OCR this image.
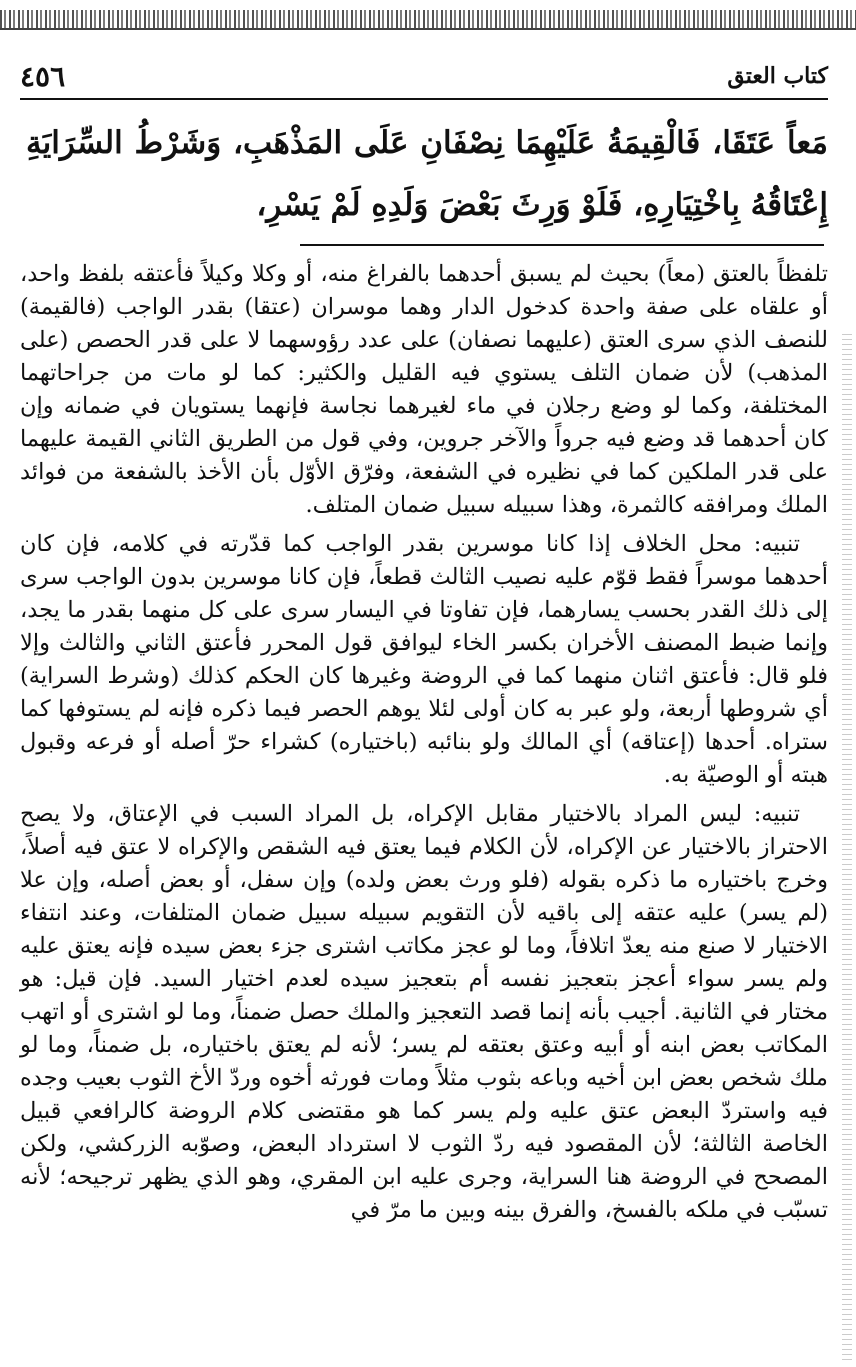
كتاب العتق
٤٥٦
مَعاً عَتَقَا، فَالْقِيمَةُ عَلَيْهِمَا نِصْفَانِ عَلَى المَذْهَبِ، وَشَرْطُ السِّرَايَةِ إِعْتَاقُهُ بِاخْتِيَارِهِ، فَلَوْ وَرِثَ بَعْضَ وَلَدِهِ لَمْ يَسْرِ،

تلفظاً بالعتق (معاً) بحيث لم يسبق أحدهما بالفراغ منه، أو وكلا وكيلاً فأعتقه بلفظ واحد، أو علقاه على صفة واحدة كدخول الدار وهما موسران (عتقا) بقدر الواجب (فالقيمة) للنصف الذي سرى العتق (عليهما نصفان) على عدد رؤوسهما لا على قدر الحصص (على المذهب) لأن ضمان التلف يستوي فيه القليل والكثير: كما لو مات من جراحاتهما المختلفة، وكما لو وضع رجلان في ماء لغيرهما نجاسة فإنهما يستويان في ضمانه وإن كان أحدهما قد وضع فيه جرواً والآخر جروين، وفي قول من الطريق الثاني القيمة عليهما على قدر الملكين كما في نظيره في الشفعة، وفرّق الأوّل بأن الأخذ بالشفعة من فوائد الملك ومرافقه كالثمرة، وهذا سبيله سبيل ضمان المتلف.

تنبيه: محل الخلاف إذا كانا موسرين بقدر الواجب كما قدّرته في كلامه، فإن كان أحدهما موسراً فقط قوّم عليه نصيب الثالث قطعاً، فإن كانا موسرين بدون الواجب سرى إلى ذلك القدر بحسب يسارهما، فإن تفاوتا في اليسار سرى على كل منهما بقدر ما يجد، وإنما ضبط المصنف الأخران بكسر الخاء ليوافق قول المحرر فأعتق الثاني والثالث وإلا فلو قال: فأعتق اثنان منهما كما في الروضة وغيرها كان الحكم كذلك (وشرط السراية) أي شروطها أربعة، ولو عبر به كان أولى لئلا يوهم الحصر فيما ذكره فإنه لم يستوفها كما ستراه. أحدها (إعتاقه) أي المالك ولو بنائبه (باختياره) كشراء حرّ أصله أو فرعه وقبول هبته أو الوصيّة به.

تنبيه: ليس المراد بالاختيار مقابل الإكراه، بل المراد السبب في الإعتاق، ولا يصح الاحتراز بالاختيار عن الإكراه، لأن الكلام فيما يعتق فيه الشقص والإكراه لا عتق فيه أصلاً، وخرج باختياره ما ذكره بقوله (فلو ورث بعض ولده) وإن سفل، أو بعض أصله، وإن علا (لم يسر) عليه عتقه إلى باقيه لأن التقويم سبيله سبيل ضمان المتلفات، وعند انتفاء الاختيار لا صنع منه يعدّ اتلافاً، وما لو عجز مكاتب اشترى جزء بعض سيده فإنه يعتق عليه ولم يسر سواء أعجز بتعجيز نفسه أم بتعجيز سيده لعدم اختيار السيد. فإن قيل: هو مختار في الثانية. أجيب بأنه إنما قصد التعجيز والملك حصل ضمناً، وما لو اشترى أو اتهب المكاتب بعض ابنه أو أبيه وعتق بعتقه لم يسر؛ لأنه لم يعتق باختياره، بل ضمناً، وما لو ملك شخص بعض ابن أخيه وباعه بثوب مثلاً ومات فورثه أخوه وردّ الأخ الثوب بعيب وجده فيه واستردّ البعض عتق عليه ولم يسر كما هو مقتضى كلام الروضة كالرافعي قبيل الخاصة الثالثة؛ لأن المقصود فيه ردّ الثوب لا استرداد البعض، وصوّبه الزركشي، ولكن المصحح في الروضة هنا السراية، وجرى عليه ابن المقري، وهو الذي يظهر ترجيحه؛ لأنه تسبّب في ملكه بالفسخ، والفرق بينه وبين ما مرّ في
